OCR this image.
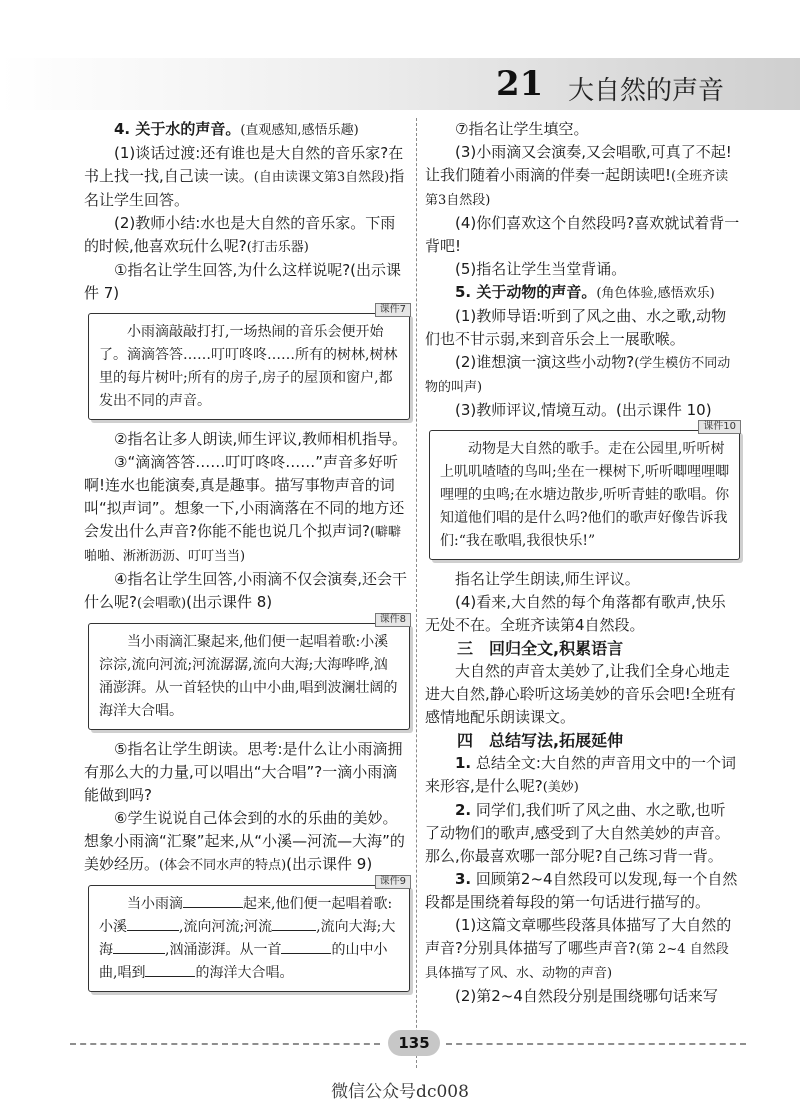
21 大自然的声音

4. 关于水的声音。(直观感知,感悟乐趣)

(1)谈话过渡:还有谁也是大自然的音乐家?在书上找一找,自己读一读。(自由读课文第3自然段)指名让学生回答。

(2)教师小结:水也是大自然的音乐家。下雨的时候,他喜欢玩什么呢?(打击乐器)

①指名让学生回答,为什么这样说呢?(出示课件 7)

课件7

小雨滴敲敲打打,一场热闹的音乐会便开始了。滴滴答答……叮叮咚咚……所有的树林,树林里的每片树叶;所有的房子,房子的屋顶和窗户,都发出不同的声音。

②指名让多人朗读,师生评议,教师相机指导。

③“滴滴答答……叮叮咚咚……”声音多好听啊!连水也能演奏,真是趣事。描写事物声音的词叫“拟声词”。想象一下,小雨滴落在不同的地方还会发出什么声音?你能不能也说几个拟声词?(噼噼啪啪、淅淅沥沥、叮叮当当)

④指名让学生回答,小雨滴不仅会演奏,还会干什么呢?(会唱歌)(出示课件 8)

课件8

当小雨滴汇聚起来,他们便一起唱着歌:小溪淙淙,流向河流;河流潺潺,流向大海;大海哗哗,汹涌澎湃。从一首轻快的山中小曲,唱到波澜壮阔的海洋大合唱。

⑤指名让学生朗读。思考:是什么让小雨滴拥有那么大的力量,可以唱出“大合唱”?一滴小雨滴能做到吗?

⑥学生说说自己体会到的水的乐曲的美妙。想象小雨滴“汇聚”起来,从“小溪—河流—大海”的美妙经历。(体会不同水声的特点)(出示课件 9)

课件9

当小雨滴	起来,他们便一起唱着歌:小溪	,流向河流;河流	,流向大海;大海	,汹涌澎湃。从一首	的山中小曲,唱到	的海洋大合唱。

⑦指名让学生填空。

(3)小雨滴又会演奏,又会唱歌,可真了不起!让我们随着小雨滴的伴奏一起朗读吧!(全班齐读第3自然段)

(4)你们喜欢这个自然段吗?喜欢就试着背一背吧!

(5)指名让学生当堂背诵。

5. 关于动物的声音。(角色体验,感悟欢乐)

(1)教师导语:听到了风之曲、水之歌,动物们也不甘示弱,来到音乐会上一展歌喉。

(2)谁想演一演这些小动物?(学生模仿不同动物的叫声)

(3)教师评议,情境互动。(出示课件 10)

课件10

动物是大自然的歌手。走在公园里,听听树上叽叽喳喳的鸟叫;坐在一棵树下,听听唧哩哩唧哩哩的虫鸣;在水塘边散步,听听青蛙的歌唱。你知道他们唱的是什么吗?他们的歌声好像告诉我们:“我在歌唱,我很快乐!”

指名让学生朗读,师生评议。

(4)看来,大自然的每个角落都有歌声,快乐无处不在。全班齐读第4自然段。

三　回归全文,积累语言

大自然的声音太美妙了,让我们全身心地走进大自然,静心聆听这场美妙的音乐会吧!全班有感情地配乐朗读课文。

四　总结写法,拓展延伸

1. 总结全文:大自然的声音用文中的一个词来形容,是什么呢?(美妙)

2. 同学们,我们听了风之曲、水之歌,也听了动物们的歌声,感受到了大自然美妙的声音。那么,你最喜欢哪一部分呢?自己练习背一背。

3. 回顾第2~4自然段可以发现,每一个自然段都是围绕着每段的第一句话进行描写的。

(1)这篇文章哪些段落具体描写了大自然的声音?分别具体描写了哪些声音?(第 2~4 自然段具体描写了风、水、动物的声音)

(2)第2~4自然段分别是围绕哪句话来写

135
微信公众号dc008
